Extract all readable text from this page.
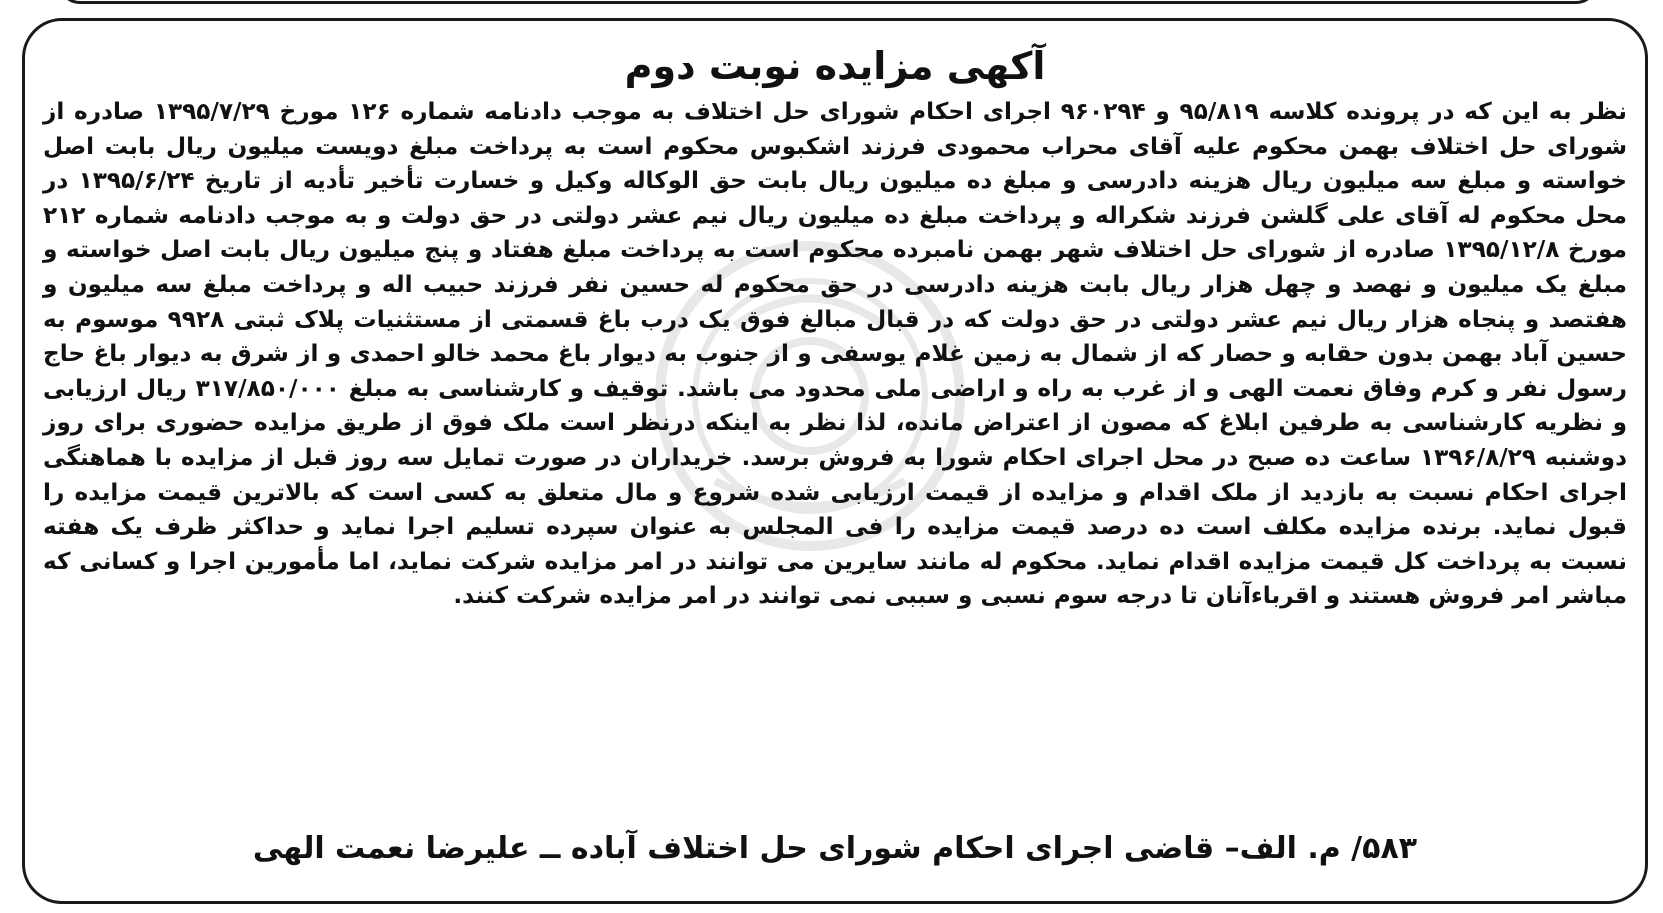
آکهی مزایده نوبت دوم

نظر به این که در پرونده کلاسه ۹۵/۸۱۹ و ۹۶۰۲۹۴ اجرای احکام شورای حل اختلاف به موجب دادنامه شماره ۱۲۶ مورخ ۱۳۹۵/۷/۲۹ صادره از شورای حل اختلاف بهمن محکوم علیه آقای محراب محمودی فرزند اشکبوس محکوم است به پرداخت مبلغ دویست میلیون ریال بابت اصل خواسته و مبلغ سه میلیون ریال هزینه دادرسی و مبلغ ده میلیون ریال بابت حق الوکاله وکیل و خسارت تأخیر تأدیه از تاریخ ۱۳۹۵/۶/۲۴ در محل محکوم له آقای علی گلشن فرزند شکراله و پرداخت مبلغ ده میلیون ریال نیم عشر دولتی در حق دولت و به موجب دادنامه شماره ۲۱۲ مورخ ۱۳۹۵/۱۲/۸ صادره از شورای حل اختلاف شهر بهمن نامبرده محکوم است به پرداخت مبلغ هفتاد و پنج میلیون ریال بابت اصل خواسته و مبلغ یک میلیون و نهصد و چهل هزار ریال بابت هزینه دادرسی در حق محکوم له حسین نفر فرزند حبیب اله و پرداخت مبلغ سه میلیون و هفتصد و پنجاه هزار ریال نیم عشر دولتی در حق دولت که در قبال مبالغ فوق یک درب باغ قسمتی از مستثنیات پلاک ثبتی ۹۹۲۸ موسوم به حسین آباد بهمن بدون حقابه و حصار که از شمال به زمین غلام یوسفی و از جنوب به دیوار باغ محمد خالو احمدی و از شرق به دیوار باغ حاج رسول نفر و کرم وفاق نعمت الهی و از غرب به راه و اراضی ملی محدود می باشد. توقیف و کارشناسی به مبلغ ۳۱۷/۸۵۰/۰۰۰ ریال ارزیابی و نظریه کارشناسی به طرفین ابلاغ که مصون از اعتراض مانده، لذا نظر به اینکه درنظر است ملک فوق از طریق مزایده حضوری برای روز دوشنبه ۱۳۹۶/۸/۲۹ ساعت ده صبح در محل اجرای احکام شورا به فروش برسد. خریداران در صورت تمایل سه روز قبل از مزایده با هماهنگی اجرای احکام نسبت به بازدید از ملک اقدام و مزایده از قیمت ارزیابی شده شروع و مال متعلق به کسی است که بالاترین قیمت مزایده را قبول نماید. برنده مزایده مکلف است ده درصد قیمت مزایده را فی المجلس به عنوان سپرده تسلیم اجرا نماید و حداکثر ظرف یک هفته نسبت به پرداخت کل قیمت مزایده اقدام نماید. محکوم له مانند سایرین می توانند در امر مزایده شرکت نماید، اما مأمورین اجرا و کسانی که مباشر امر فروش هستند و اقرباءآنان تا درجه سوم نسبی و سببی نمی توانند در امر مزایده شرکت کنند.

۵۸۳/ م. الف– قاضی اجرای احکام شورای حل اختلاف آباده ــ علیرضا نعمت الهی
